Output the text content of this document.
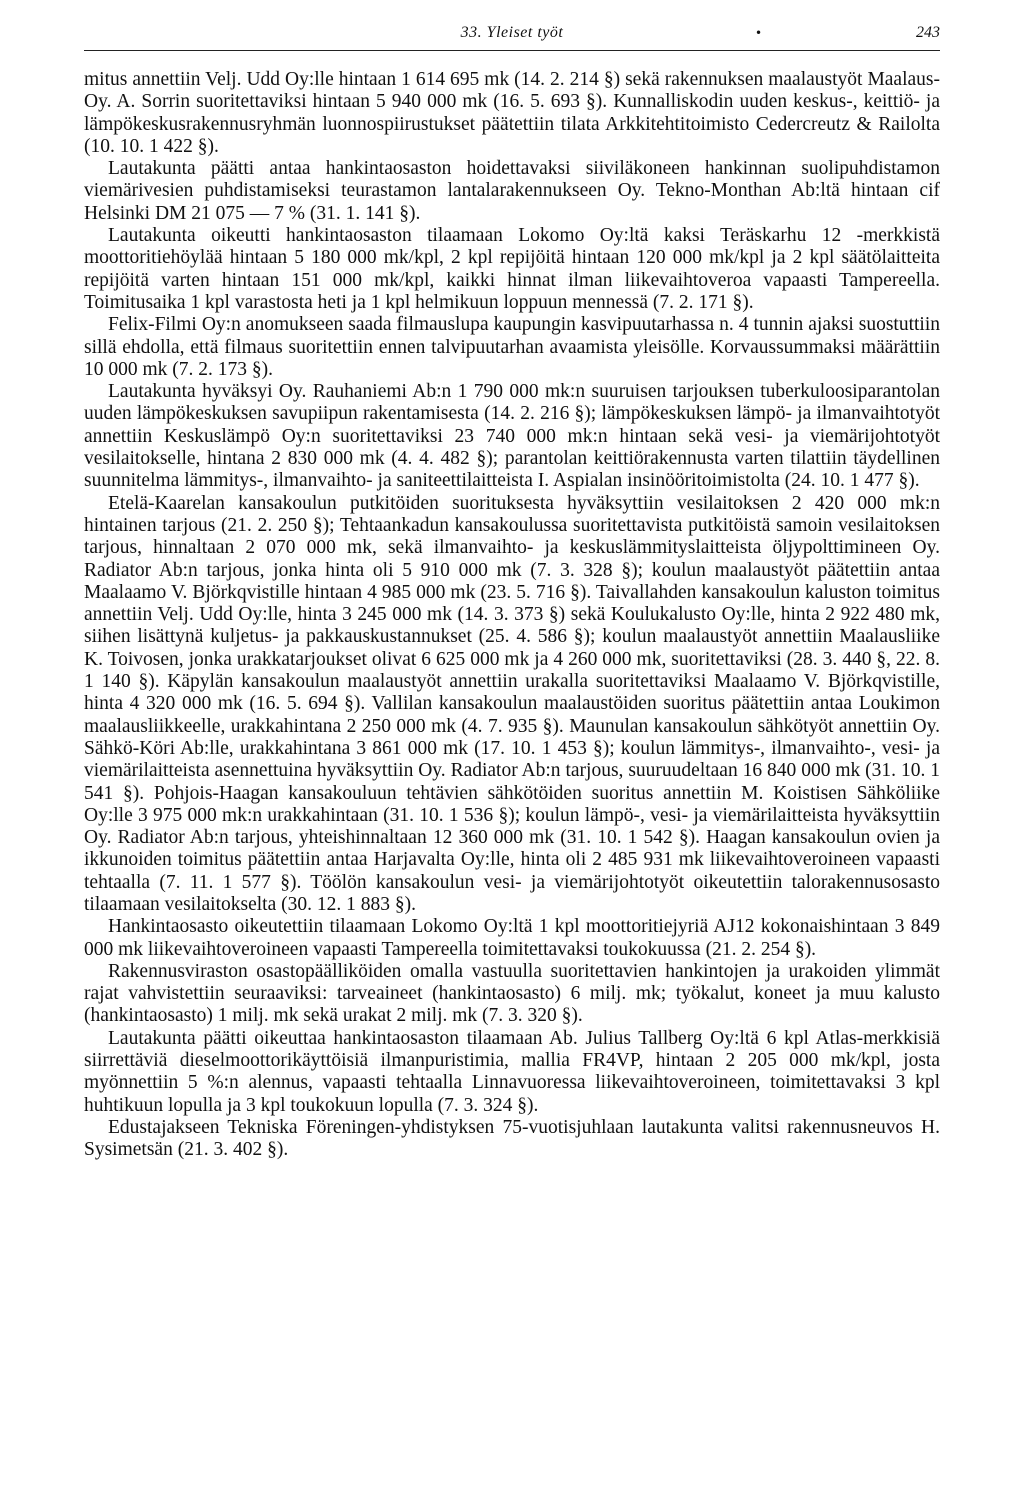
33. Yleiset työt	•	243

mitus annettiin Velj. Udd Oy:lle hintaan 1 614 695 mk (14. 2. 214 §) sekä rakennuksen maalaustyöt Maalaus-Oy. A. Sorrin suoritettaviksi hintaan 5 940 000 mk (16. 5. 693 §). Kunnalliskodin uuden keskus-, keittiö- ja lämpökeskusrakennusryhmän luonnospiirustukset päätettiin tilata Arkkitehtitoimisto Cedercreutz & Railolta (10. 10. 1 422 §).

Lautakunta päätti antaa hankintaosaston hoidettavaksi siiviläkoneen hankinnan suolipuhdistamon viemärivesien puhdistamiseksi teurastamon lantalarakennukseen Oy. Tekno-Monthan Ab:ltä hintaan cif Helsinki DM 21 075 — 7 % (31. 1. 141 §).

Lautakunta oikeutti hankintaosaston tilaamaan Lokomo Oy:ltä kaksi Teräskarhu 12 -merkkistä moottoritiehöylää hintaan 5 180 000 mk/kpl, 2 kpl repijöitä hintaan 120 000 mk/kpl ja 2 kpl säätölaitteita repijöitä varten hintaan 151 000 mk/kpl, kaikki hinnat ilman liikevaihtoveroa vapaasti Tampereella. Toimitusaika 1 kpl varastosta heti ja 1 kpl helmikuun loppuun mennessä (7. 2. 171 §).

Felix-Filmi Oy:n anomukseen saada filmauslupa kaupungin kasvipuutarhassa n. 4 tunnin ajaksi suostuttiin sillä ehdolla, että filmaus suoritettiin ennen talvipuutarhan avaamista yleisölle. Korvaussummaksi määrättiin 10 000 mk (7. 2. 173 §).

Lautakunta hyväksyi Oy. Rauhaniemi Ab:n 1 790 000 mk:n suuruisen tarjouksen tuberkuloosiparantolan uuden lämpökeskuksen savupiipun rakentamisesta (14. 2. 216 §); lämpökeskuksen lämpö- ja ilmanvaihtotyöt annettiin Keskuslämpö Oy:n suoritettaviksi 23 740 000 mk:n hintaan sekä vesi- ja viemärijohtotyöt vesilaitokselle, hintana 2 830 000 mk (4. 4. 482 §); parantolan keittiörakennusta varten tilattiin täydellinen suunnitelma lämmitys-, ilmanvaihto- ja saniteettilaitteista I. Aspialan insinööritoimistolta (24. 10. 1 477 §).

Etelä-Kaarelan kansakoulun putkitöiden suorituksesta hyväksyttiin vesilaitoksen 2 420 000 mk:n hintainen tarjous (21. 2. 250 §); Tehtaankadun kansakoulussa suoritettavista putkitöistä samoin vesilaitoksen tarjous, hinnaltaan 2 070 000 mk, sekä ilmanvaihto- ja keskuslämmityslaitteista öljypolttimineen Oy. Radiator Ab:n tarjous, jonka hinta oli 5 910 000 mk (7. 3. 328 §); koulun maalaustyöt päätettiin antaa Maalaamo V. Björkqvistille hintaan 4 985 000 mk (23. 5. 716 §). Taivallahden kansakoulun kaluston toimitus annettiin Velj. Udd Oy:lle, hinta 3 245 000 mk (14. 3. 373 §) sekä Koulukalusto Oy:lle, hinta 2 922 480 mk, siihen lisättynä kuljetus- ja pakkauskustannukset (25. 4. 586 §); koulun maalaustyöt annettiin Maalausliike K. Toivosen, jonka urakkatarjoukset olivat 6 625 000 mk ja 4 260 000 mk, suoritettaviksi (28. 3. 440 §, 22. 8. 1 140 §). Käpylän kansakoulun maalaustyöt annettiin urakalla suoritettaviksi Maalaamo V. Björkqvistille, hinta 4 320 000 mk (16. 5. 694 §). Vallilan kansakoulun maalaustöiden suoritus päätettiin antaa Loukimon maalausliikkeelle, urakkahintana 2 250 000 mk (4. 7. 935 §). Maunulan kansakoulun sähkötyöt annettiin Oy. Sähkö-Köri Ab:lle, urakkahintana 3 861 000 mk (17. 10. 1 453 §); koulun lämmitys-, ilmanvaihto-, vesi- ja viemärilaitteista asennettuina hyväksyttiin Oy. Radiator Ab:n tarjous, suuruudeltaan 16 840 000 mk (31. 10. 1 541 §). Pohjois-Haagan kansakouluun tehtävien sähkötöiden suoritus annettiin M. Koistisen Sähköliike Oy:lle 3 975 000 mk:n urakkahintaan (31. 10. 1 536 §); koulun lämpö-, vesi- ja viemärilaitteista hyväksyttiin Oy. Radiator Ab:n tarjous, yhteishinnaltaan 12 360 000 mk (31. 10. 1 542 §). Haagan kansakoulun ovien ja ikkunoiden toimitus päätettiin antaa Harjavalta Oy:lle, hinta oli 2 485 931 mk liikevaihtoveroineen vapaasti tehtaalla (7. 11. 1 577 §). Töölön kansakoulun vesi- ja viemärijohtotyöt oikeutettiin talorakennusosasto tilaamaan vesilaitokselta (30. 12. 1 883 §).

Hankintaosasto oikeutettiin tilaamaan Lokomo Oy:ltä 1 kpl moottoritiejyriä AJ12 kokonaishintaan 3 849 000 mk liikevaihtoveroineen vapaasti Tampereella toimitettavaksi toukokuussa (21. 2. 254 §).

Rakennusviraston osastopäälliköiden omalla vastuulla suoritettavien hankintojen ja urakoiden ylimmät rajat vahvistettiin seuraaviksi: tarveaineet (hankintaosasto) 6 milj. mk; työkalut, koneet ja muu kalusto (hankintaosasto) 1 milj. mk sekä urakat 2 milj. mk (7. 3. 320 §).

Lautakunta päätti oikeuttaa hankintaosaston tilaamaan Ab. Julius Tallberg Oy:ltä 6 kpl Atlas-merkkisiä siirrettäviä dieselmoottorikäyttöisiä ilmanpuristimia, mallia FR4VP, hintaan 2 205 000 mk/kpl, josta myönnettiin 5 %:n alennus, vapaasti tehtaalla Linnavuoressa liikevaihtoveroineen, toimitettavaksi 3 kpl huhtikuun lopulla ja 3 kpl toukokuun lopulla (7. 3. 324 §).

Edustajakseen Tekniska Föreningen-yhdistyksen 75-vuotisjuhlaan lautakunta valitsi rakennusneuvos H. Sysimetsän (21. 3. 402 §).
